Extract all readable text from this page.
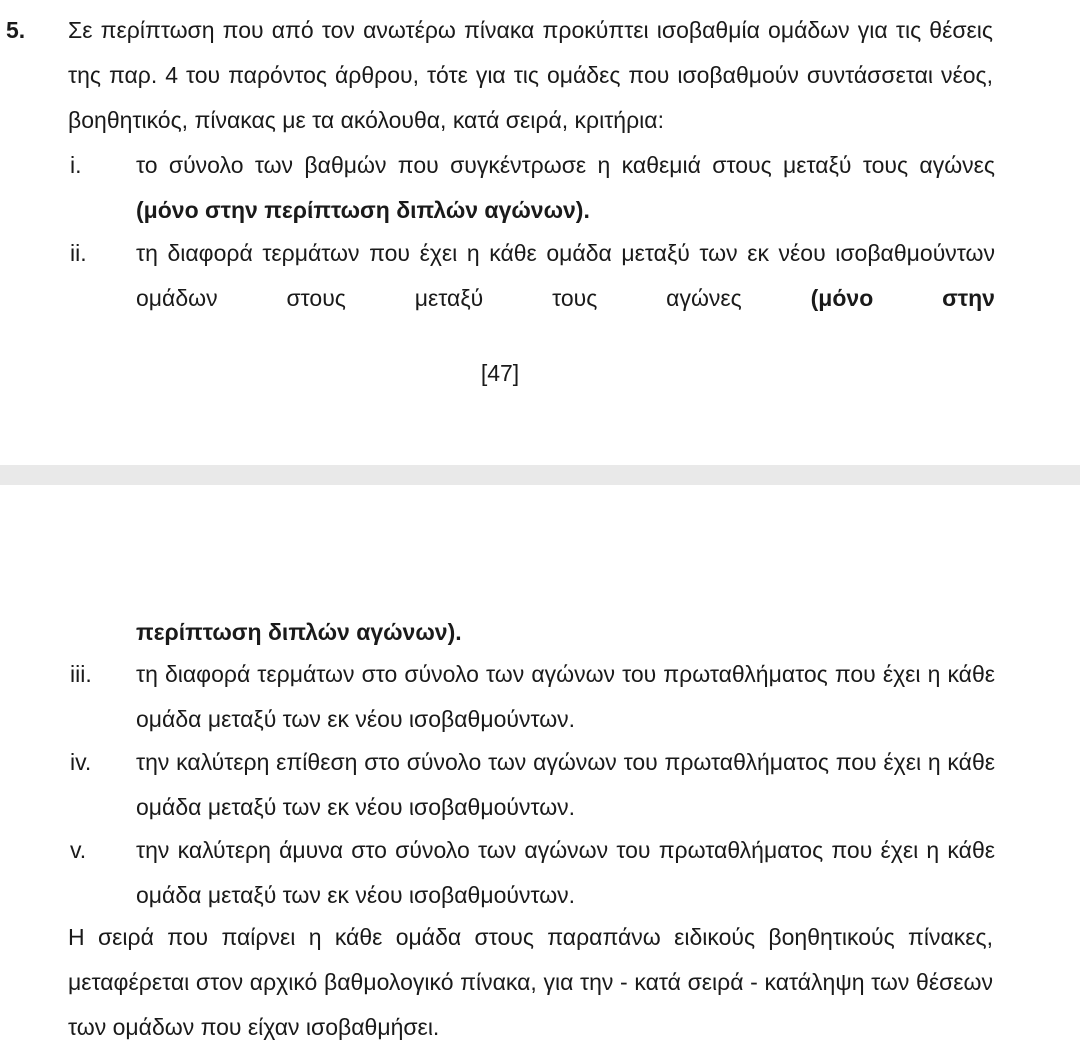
5. Σε περίπτωση που από τον ανωτέρω πίνακα προκύπτει ισοβαθμία ομάδων για τις θέσεις της παρ. 4 του παρόντος άρθρου, τότε για τις ομάδες που ισοβαθμούν συντάσσεται νέος, βοηθητικός, πίνακας με τα ακόλουθα, κατά σειρά, κριτήρια:
i.	το σύνολο των βαθμών που συγκέντρωσε η καθεμιά στους μεταξύ τους αγώνες (μόνο στην περίπτωση διπλών αγώνων).
ii.	τη διαφορά τερμάτων που έχει η κάθε ομάδα μεταξύ των εκ νέου ισοβαθμούντων ομάδων στους μεταξύ τους αγώνες (μόνο στην
[47]
περίπτωση διπλών αγώνων).
iii.	τη διαφορά τερμάτων στο σύνολο των αγώνων του πρωταθλήματος που έχει η κάθε ομάδα μεταξύ των εκ νέου ισοβαθμούντων.
iv.	την καλύτερη επίθεση στο σύνολο των αγώνων του πρωταθλήματος που έχει η κάθε ομάδα μεταξύ των εκ νέου ισοβαθμούντων.
v.	την καλύτερη άμυνα στο σύνολο των αγώνων του πρωταθλήματος που έχει η κάθε ομάδα μεταξύ των εκ νέου ισοβαθμούντων.
Η σειρά που παίρνει η κάθε ομάδα στους παραπάνω ειδικούς βοηθητικούς πίνακες, μεταφέρεται στον αρχικό βαθμολογικό πίνακα, για την - κατά σειρά - κατάληψη των θέσεων των ομάδων που είχαν ισοβαθμήσει.
